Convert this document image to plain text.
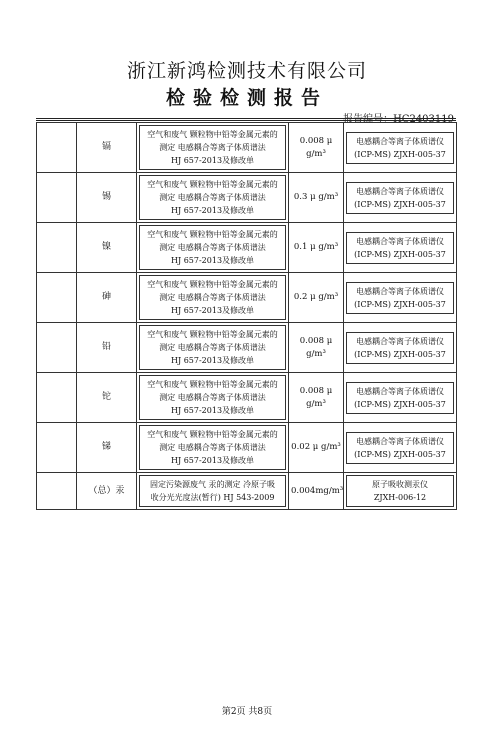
浙江新鸿检测技术有限公司
检验检测报告
	镉	空气和废气 颗粒物中铅等金属元素的
测定 电感耦合等离子体质谱法
HJ 657-2013及修改单	0.008 μ g/m³	电感耦合等离子体质谱仪
(ICP-MS) ZJXH-005-37

	锡	空气和废气 颗粒物中铅等金属元素的
测定 电感耦合等离子体质谱法
HJ 657-2013及修改单	0.3 μ g/m³	电感耦合等离子体质谱仪
(ICP-MS) ZJXH-005-37

	镍	空气和废气 颗粒物中铅等金属元素的
测定 电感耦合等离子体质谱法
HJ 657-2013及修改单	0.1 μ g/m³	电感耦合等离子体质谱仪
(ICP-MS) ZJXH-005-37

	砷	空气和废气 颗粒物中铅等金属元素的
测定 电感耦合等离子体质谱法
HJ 657-2013及修改单	0.2 μ g/m³	电感耦合等离子体质谱仪
(ICP-MS) ZJXH-005-37

	铅	空气和废气 颗粒物中铅等金属元素的
测定 电感耦合等离子体质谱法
HJ 657-2013及修改单	0.008 μ g/m³	电感耦合等离子体质谱仪
(ICP-MS) ZJXH-005-37

	铊	空气和废气 颗粒物中铅等金属元素的
测定 电感耦合等离子体质谱法
HJ 657-2013及修改单	0.008 μ g/m³	电感耦合等离子体质谱仪
(ICP-MS) ZJXH-005-37

	锑	空气和废气 颗粒物中铅等金属元素的
测定 电感耦合等离子体质谱法
HJ 657-2013及修改单	0.02 μ g/m³	电感耦合等离子体质谱仪
(ICP-MS) ZJXH-005-37

	（总）汞	固定污染源废气 汞的测定 冷原子吸
收分光光度法(暂行) HJ 543-2009	0.004mg/m³	原子吸收测汞仪
ZJXH-006-12
第2页 共8页
